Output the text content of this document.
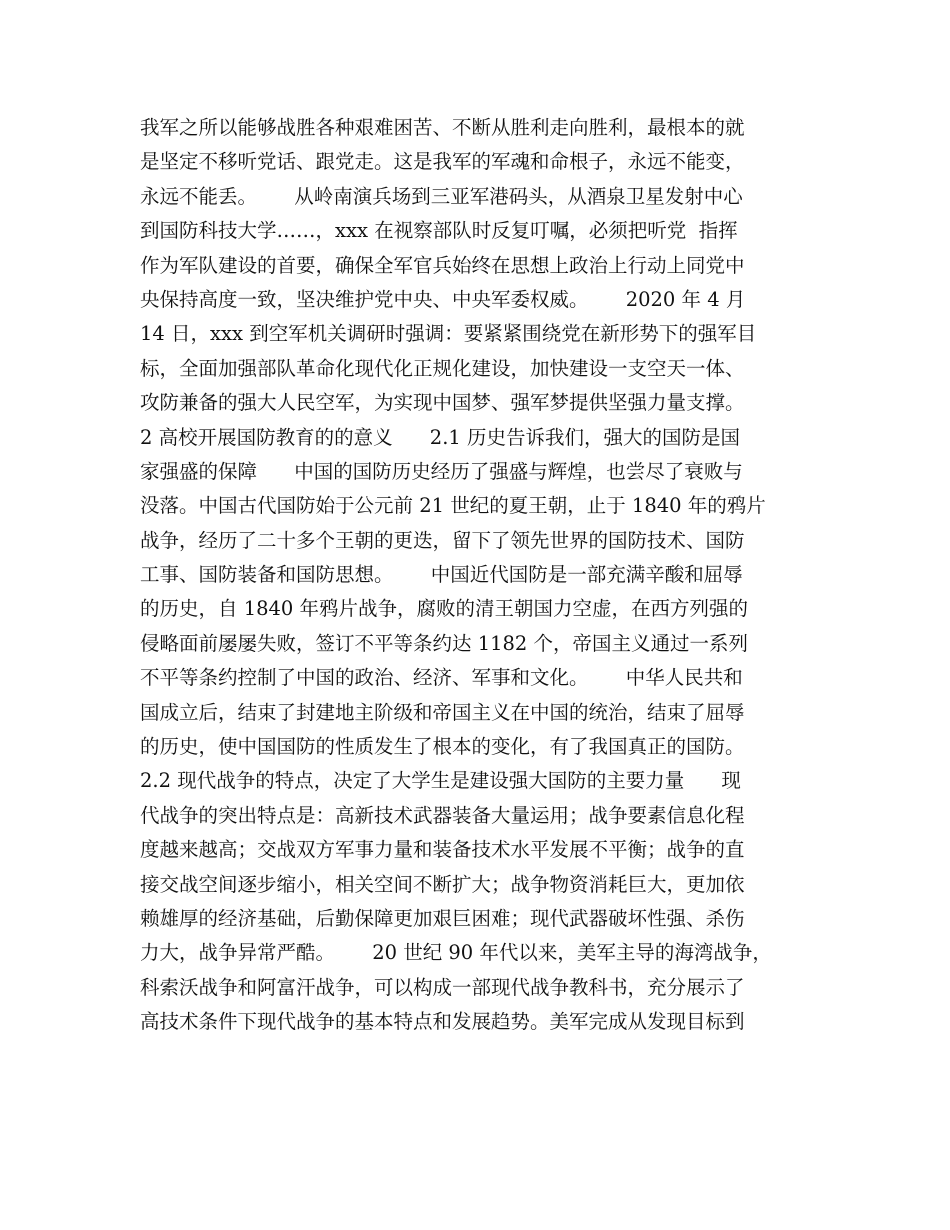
我军之所以能够战胜各种艰难困苦、不断从胜利走向胜利，最根本的就
是坚定不移听党话、跟党走。这是我军的军魂和命根子，永远不能变，
永远不能丢。      从岭南演兵场到三亚军港码头，从酒泉卫星发射中心
到国防科技大学……，xxx 在视察部队时反复叮嘱，必须把听党  指挥
作为军队建设的首要，确保全军官兵始终在思想上政治上行动上同党中
央保持高度一致，坚决维护党中央、中央军委权威。      2020 年 4 月
14 日，xxx 到空军机关调研时强调：要紧紧围绕党在新形势下的强军目
标，全面加强部队革命化现代化正规化建设，加快建设一支空天一体、
攻防兼备的强大人民空军，为实现中国梦、强军梦提供坚强力量支撑。
2 高校开展国防教育的的意义      2.1 历史告诉我们，强大的国防是国
家强盛的保障      中国的国防历史经历了强盛与辉煌，也尝尽了衰败与
没落。中国古代国防始于公元前 21 世纪的夏王朝，止于 1840 年的鸦片
战争，经历了二十多个王朝的更迭，留下了领先世界的国防技术、国防
工事、国防装备和国防思想。      中国近代国防是一部充满辛酸和屈辱
的历史，自 1840 年鸦片战争，腐败的清王朝国力空虚，在西方列强的
侵略面前屡屡失败，签订不平等条约达 1182 个，帝国主义通过一系列
不平等条约控制了中国的政治、经济、军事和文化。      中华人民共和
国成立后，结束了封建地主阶级和帝国主义在中国的统治，结束了屈辱
的历史，使中国国防的性质发生了根本的变化，有了我国真正的国防。
2.2 现代战争的特点，决定了大学生是建设强大国防的主要力量      现
代战争的突出特点是：高新技术武器装备大量运用；战争要素信息化程
度越来越高；交战双方军事力量和装备技术水平发展不平衡；战争的直
接交战空间逐步缩小，相关空间不断扩大；战争物资消耗巨大，更加依
赖雄厚的经济基础，后勤保障更加艰巨困难；现代武器破坏性强、杀伤
力大，战争异常严酷。      20 世纪 90 年代以来，美军主导的海湾战争，
科索沃战争和阿富汗战争，可以构成一部现代战争教科书，充分展示了
高技术条件下现代战争的基本特点和发展趋势。美军完成从发现目标到
